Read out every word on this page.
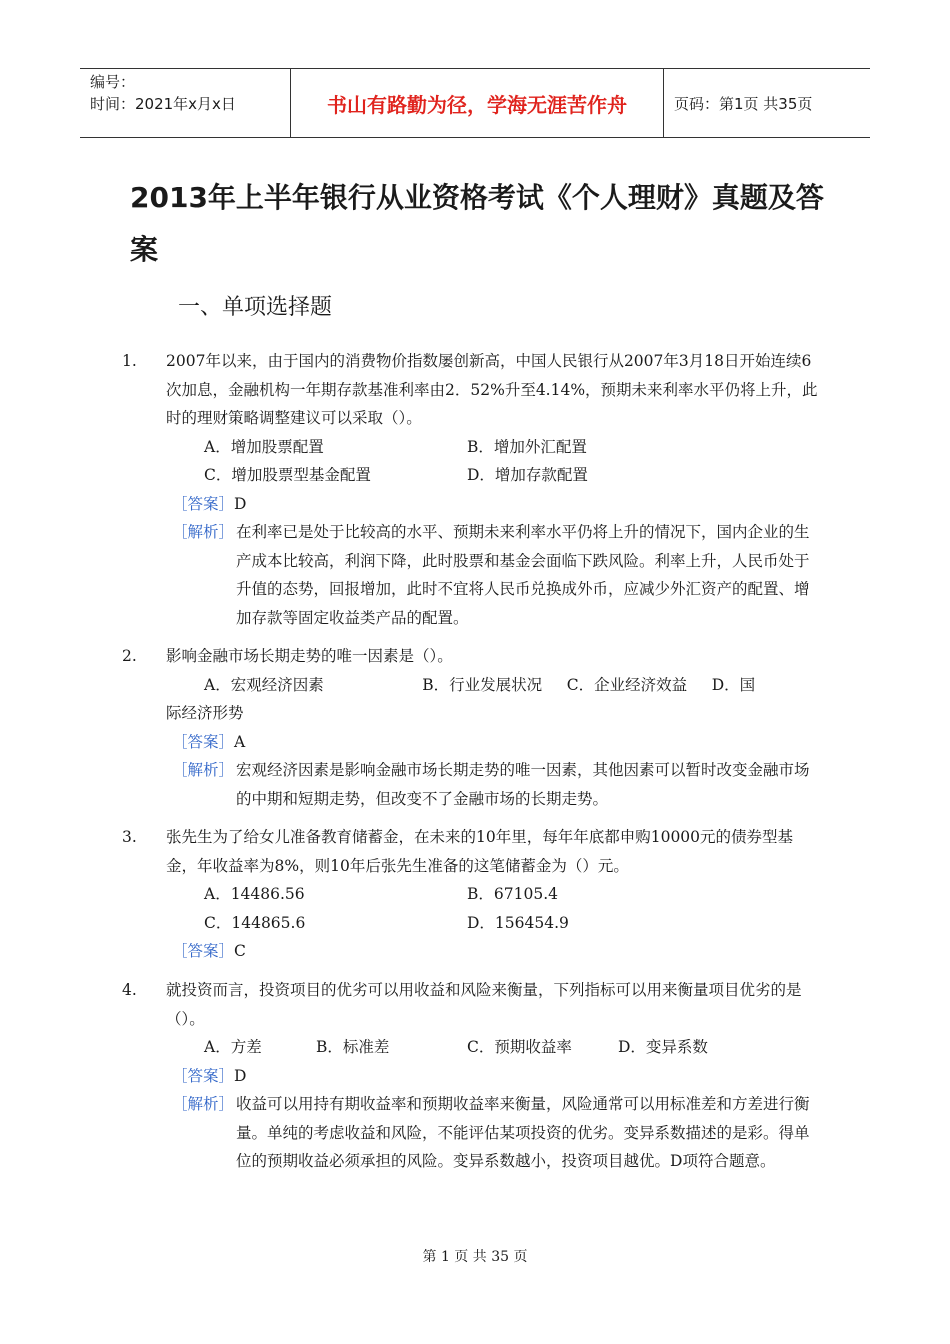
编号：
时间：2021年x月x日	书山有路勤为径，学海无涯苦作舟	页码：第1页 共35页
2013年上半年银行从业资格考试《个人理财》真题及答案
一、单项选择题
1. 2007年以来，由于国内的消费物价指数屡创新高，中国人民银行从2007年3月18日开始连续6次加息，金融机构一年期存款基准利率由2．52%升至4.14%，预期未来利率水平仍将上升，此时的理财策略调整建议可以采取（）。
A．增加股票配置	B．增加外汇配置
C．增加股票型基金配置	D．增加存款配置
［答案］D
［解析］ 在利率已是处于比较高的水平、预期未来利率水平仍将上升的情况下，国内企业的生产成本比较高，利润下降，此时股票和基金会面临下跌风险。利率上升，人民币处于升值的态势，回报增加，此时不宜将人民币兑换成外币，应减少外汇资产的配置、增加存款等固定收益类产品的配置。
2. 影响金融市场长期走势的唯一因素是（）。
A．宏观经济因素                    B．行业发展状况     C．企业经济效益     D．国
际经济形势
［答案］A
［解析］ 宏观经济因素是影响金融市场长期走势的唯一因素，其他因素可以暂时改变金融市场的中期和短期走势，但改变不了金融市场的长期走势。
3. 张先生为了给女儿准备教育储蓄金，在未来的10年里，每年年底都申购10000元的债券型基金，年收益率为8%，则10年后张先生准备的这笔储蓄金为（）元。
A．14486.56	B．67105.4
C．144865.6	D．156454.9
［答案］C
4. 就投资而言，投资项目的优劣可以用收益和风险来衡量，下列指标可以用来衡量项目优劣的是（）。
A．方差	B．标准差	C．预期收益率	D．变异系数
［答案］D
［解析］ 收益可以用持有期收益率和预期收益率来衡量，风险通常可以用标准差和方差进行衡量。单纯的考虑收益和风险，不能评估某项投资的优劣。变异系数描述的是彩。得单位的预期收益必须承担的风险。变异系数越小，投资项目越优。D项符合题意。
第 1 页 共 35 页
